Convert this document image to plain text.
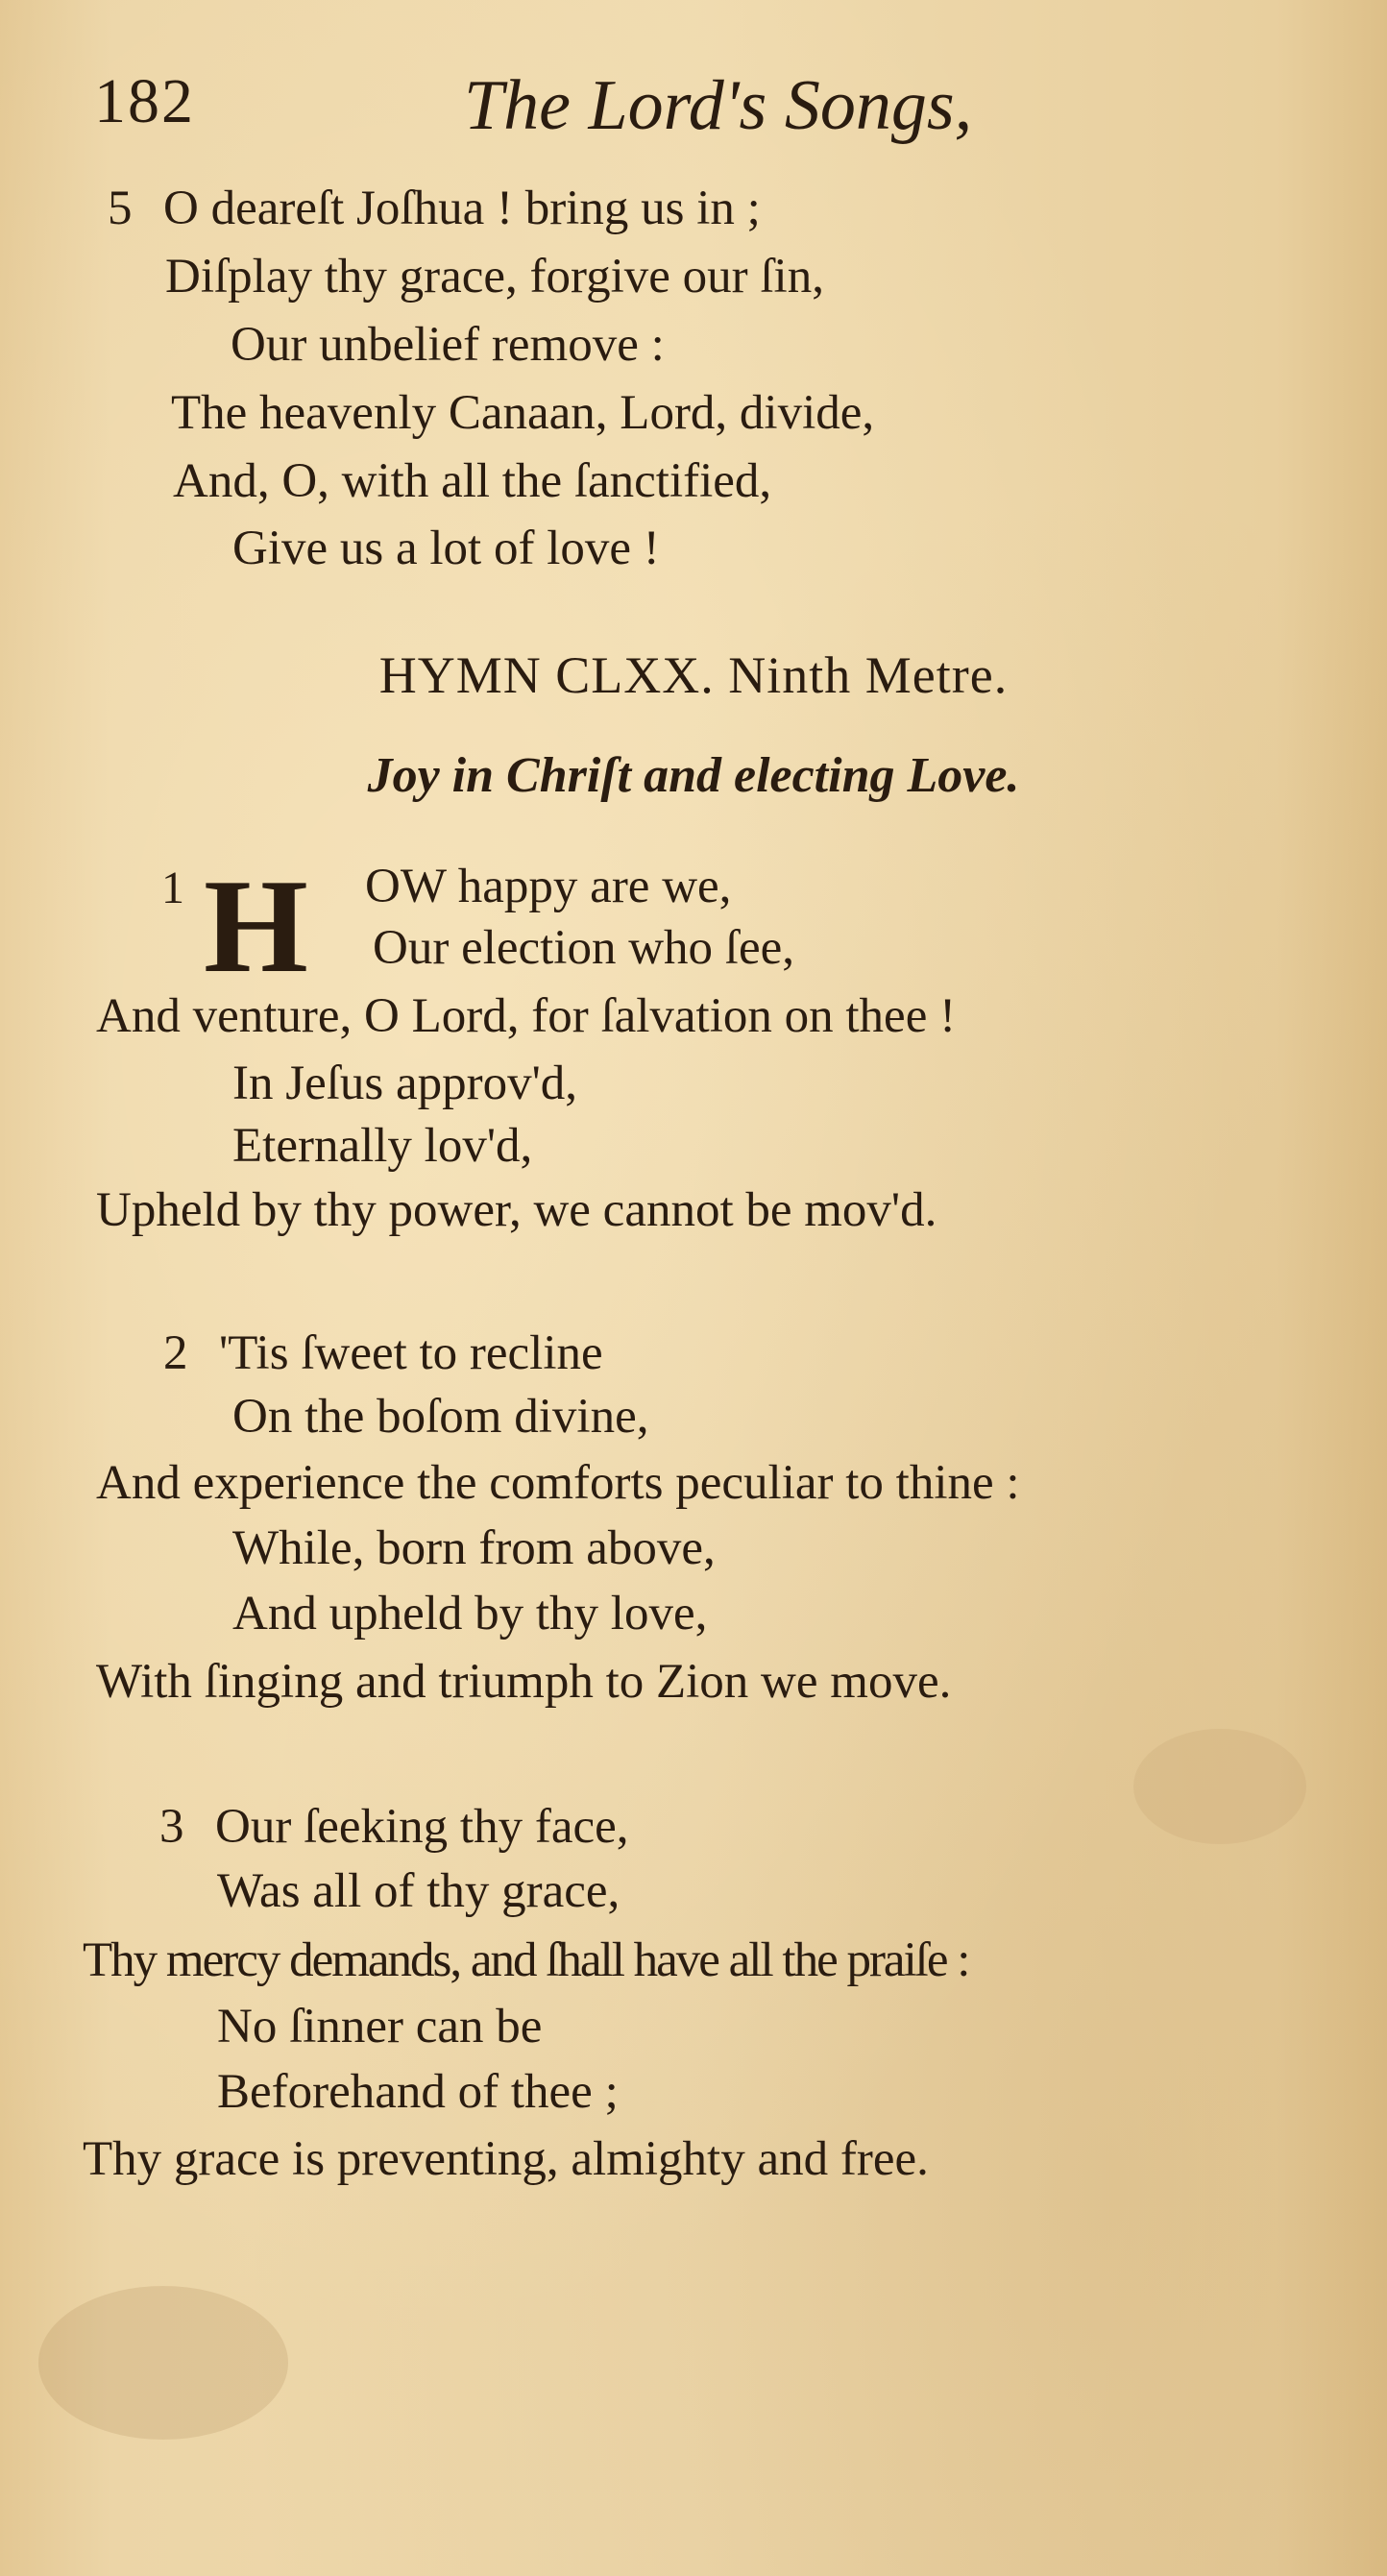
182	The Lord's Songs,
5 O deareſt Joſhua ! bring us in ;
Diſplay thy grace, forgive our ſin,
Our unbelief remove :
The heavenly Canaan, Lord, divide,
And, O, with all the ſanctified,
Give us a lot of love !
HYMN CLXX. Ninth Metre.
Joy in Chriſt and electing Love.
1 H OW happy are we,
Our election who ſee,
And venture, O Lord, for ſalvation on thee !
In Jeſus approv'd,
Eternally lov'd,
Upheld by thy power, we cannot be mov'd.
2 'Tis ſweet to recline
On the boſom divine,
And experience the comforts peculiar to thine :
While, born from above,
And upheld by thy love,
With ſinging and triumph to Zion we move.
3 Our ſeeking thy face,
Was all of thy grace,
Thy mercy demands, and ſhall have all the praiſe :
No ſinner can be
Beforehand of thee ;
Thy grace is preventing, almighty and free.
